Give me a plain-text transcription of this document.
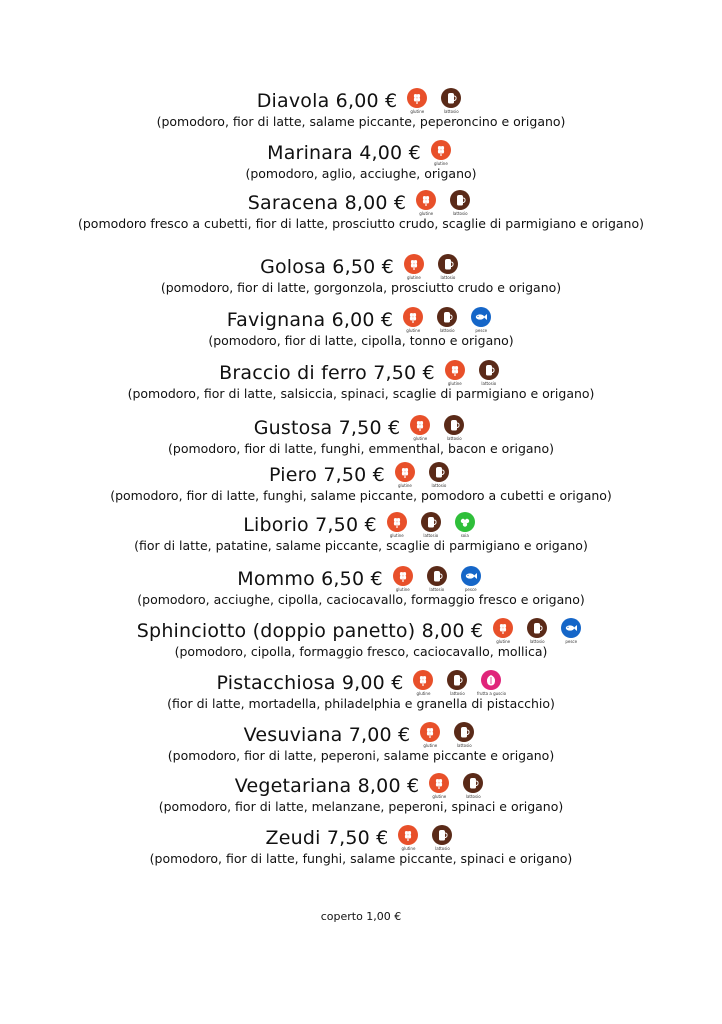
Diavola 6,00 €	glutine	lattosio
(pomodoro, fior di latte, salame piccante, peperoncino e origano)
Marinara 4,00 €	glutine
(pomodoro, aglio, acciughe, origano)
Saracena 8,00 €	glutine	lattosio
(pomodoro fresco a cubetti, fior di latte, prosciutto crudo, scaglie di parmigiano e origano)
Golosa 6,50 €	glutine	lattosio
(pomodoro, fior di latte, gorgonzola, prosciutto crudo e origano)
Favignana 6,00 €	glutine	lattosio	pesce
(pomodoro, fior di latte, cipolla, tonno e origano)
Braccio di ferro 7,50 €	glutine	lattosio
(pomodoro, fior di latte, salsiccia, spinaci, scaglie di parmigiano e origano)
Gustosa 7,50 €	glutine	lattosio
(pomodoro, fior di latte, funghi, emmenthal, bacon e origano)
Piero 7,50 €	glutine	lattosio
(pomodoro, fior di latte, funghi, salame piccante, pomodoro a cubetti e origano)
Liborio 7,50 €	glutine	lattosio	soia
(fior di latte, patatine, salame piccante, scaglie di parmigiano e origano)
Mommo 6,50 €	glutine	lattosio	pesce
(pomodoro, acciughe, cipolla, caciocavallo, formaggio fresco e origano)
Sphinciotto (doppio panetto) 8,00 €	glutine	lattosio	pesce
(pomodoro, cipolla, formaggio fresco, caciocavallo, mollica)
Pistacchiosa 9,00 €	glutine	lattosio	frutta a guscio
(fior di latte, mortadella, philadelphia e granella di pistacchio)
Vesuviana 7,00 €	glutine	lattosio
(pomodoro, fior di latte, peperoni, salame piccante e origano)
Vegetariana 8,00 €	glutine	lattosio
(pomodoro, fior di latte, melanzane, peperoni, spinaci e origano)
Zeudi 7,50 €	glutine	lattosio
(pomodoro, fior di latte, funghi, salame piccante, spinaci e origano)
coperto 1,00 €
